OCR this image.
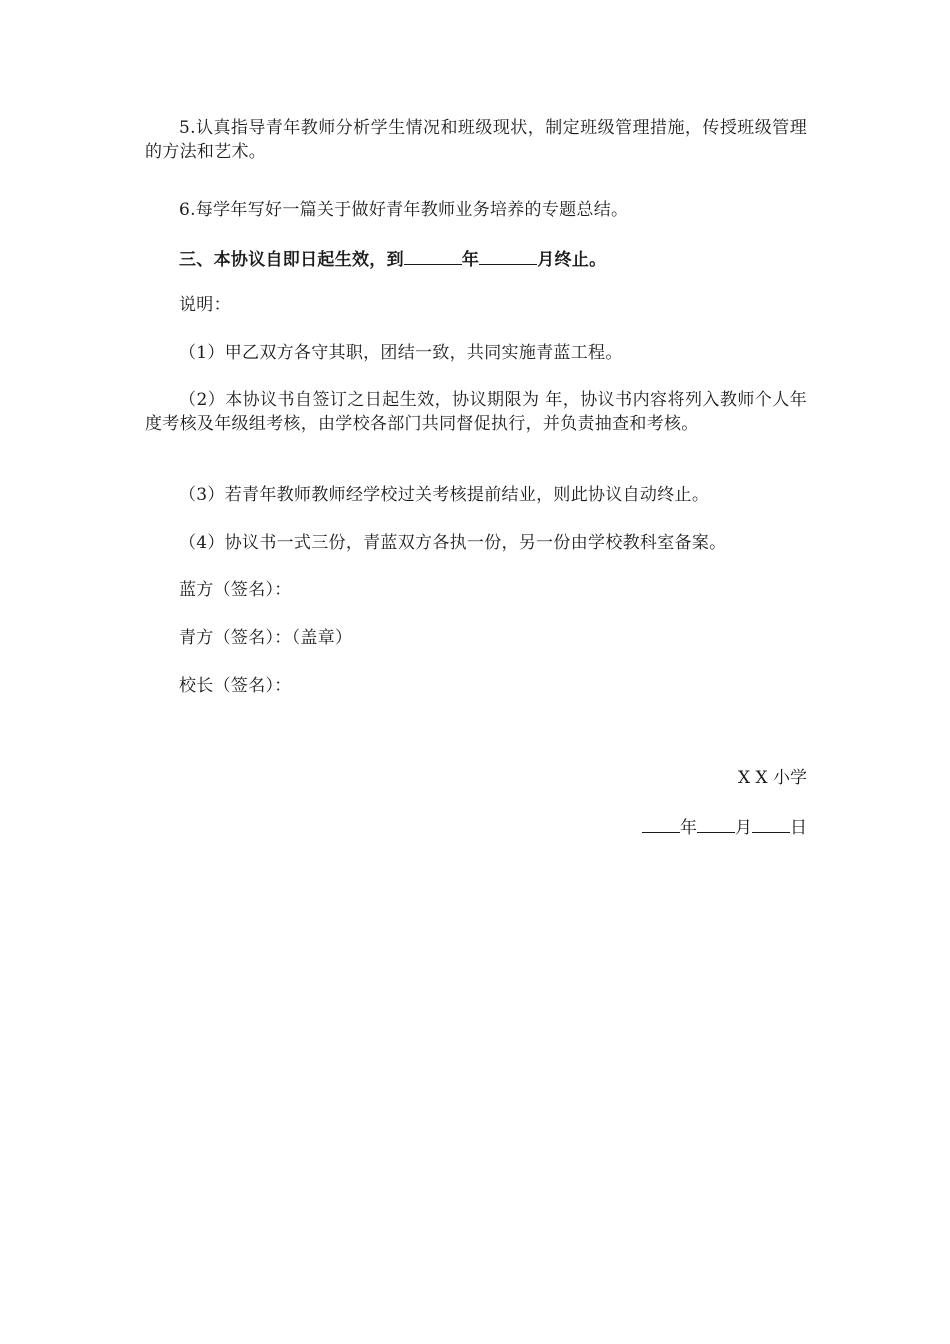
5.认真指导青年教师分析学生情况和班级现状，制定班级管理措施，传授班级管理的方法和艺术。

6.每学年写好一篇关于做好青年教师业务培养的专题总结。

三、本协议自即日起生效，到	年	月终止。

说明：

（1）甲乙双方各守其职，团结一致，共同实施青蓝工程。

（2）本协议书自签订之日起生效，协议期限为 年，协议书内容将列入教师个人年度考核及年级组考核，由学校各部门共同督促执行，并负责抽查和考核。

（3）若青年教师教师经学校过关考核提前结业，则此协议自动终止。

（4）协议书一式三份，青蓝双方各执一份，另一份由学校教科室备案。

蓝方（签名）：

青方（签名）：（盖章）

校长（签名）：

X X 小学
年 月 日
